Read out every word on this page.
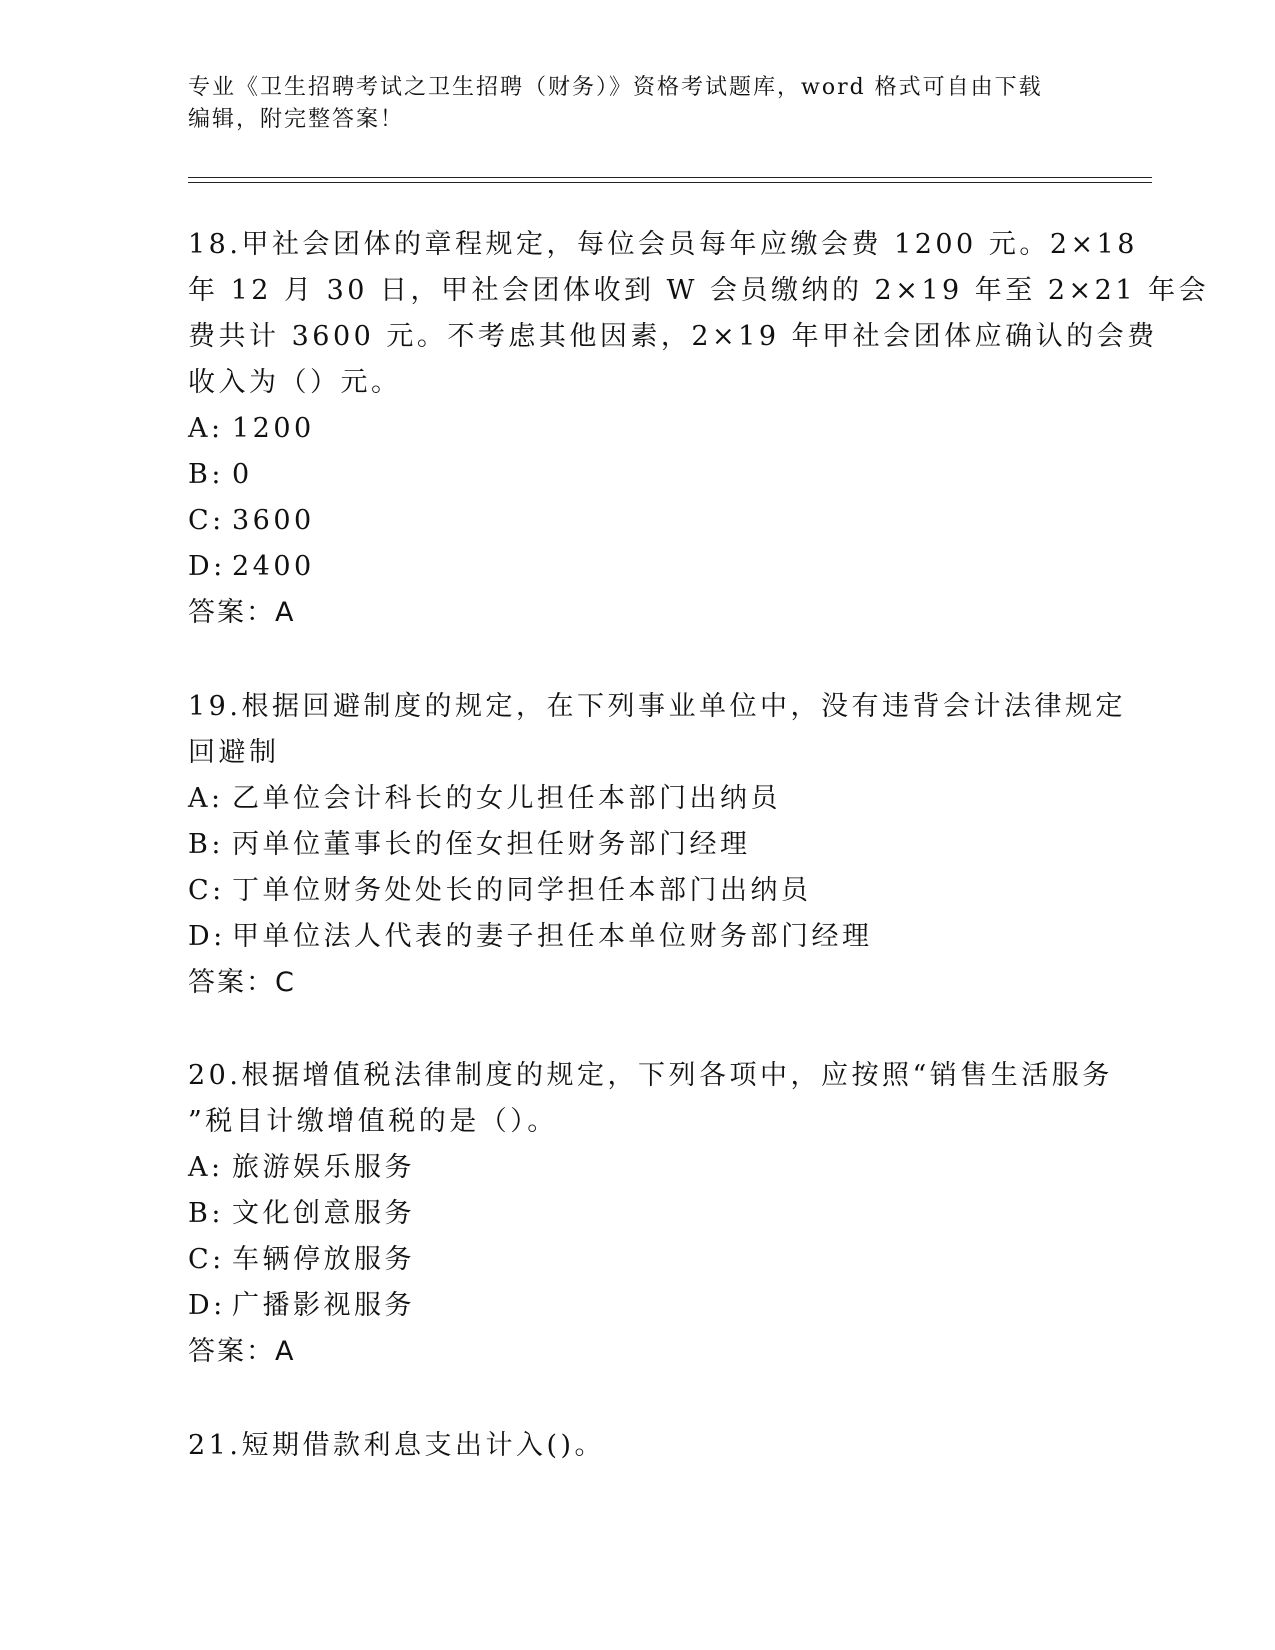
专业《卫生招聘考试之卫生招聘（财务）》资格考试题库，word 格式可自由下载
编辑，附完整答案！
18.甲社会团体的章程规定，每位会员每年应缴会费 1200 元。2×18
年 12 月 30 日，甲社会团体收到 W 会员缴纳的 2×19 年至 2×21 年会
费共计 3600 元。不考虑其他因素，2×19 年甲社会团体应确认的会费
收入为（）元。
A: 1200
B: 0
C: 3600
D: 2400
答案：A
19.根据回避制度的规定，在下列事业单位中，没有违背会计法律规定
回避制
A: 乙单位会计科长的女儿担任本部门出纳员
B: 丙单位董事长的侄女担任财务部门经理
C: 丁单位财务处处长的同学担任本部门出纳员
D: 甲单位法人代表的妻子担任本单位财务部门经理
答案：C
20.根据增值税法律制度的规定，下列各项中，应按照“销售生活服务
”税目计缴增值税的是（）。
A: 旅游娱乐服务
B: 文化创意服务
C: 车辆停放服务
D: 广播影视服务
答案：A
21.短期借款利息支出计入()。
